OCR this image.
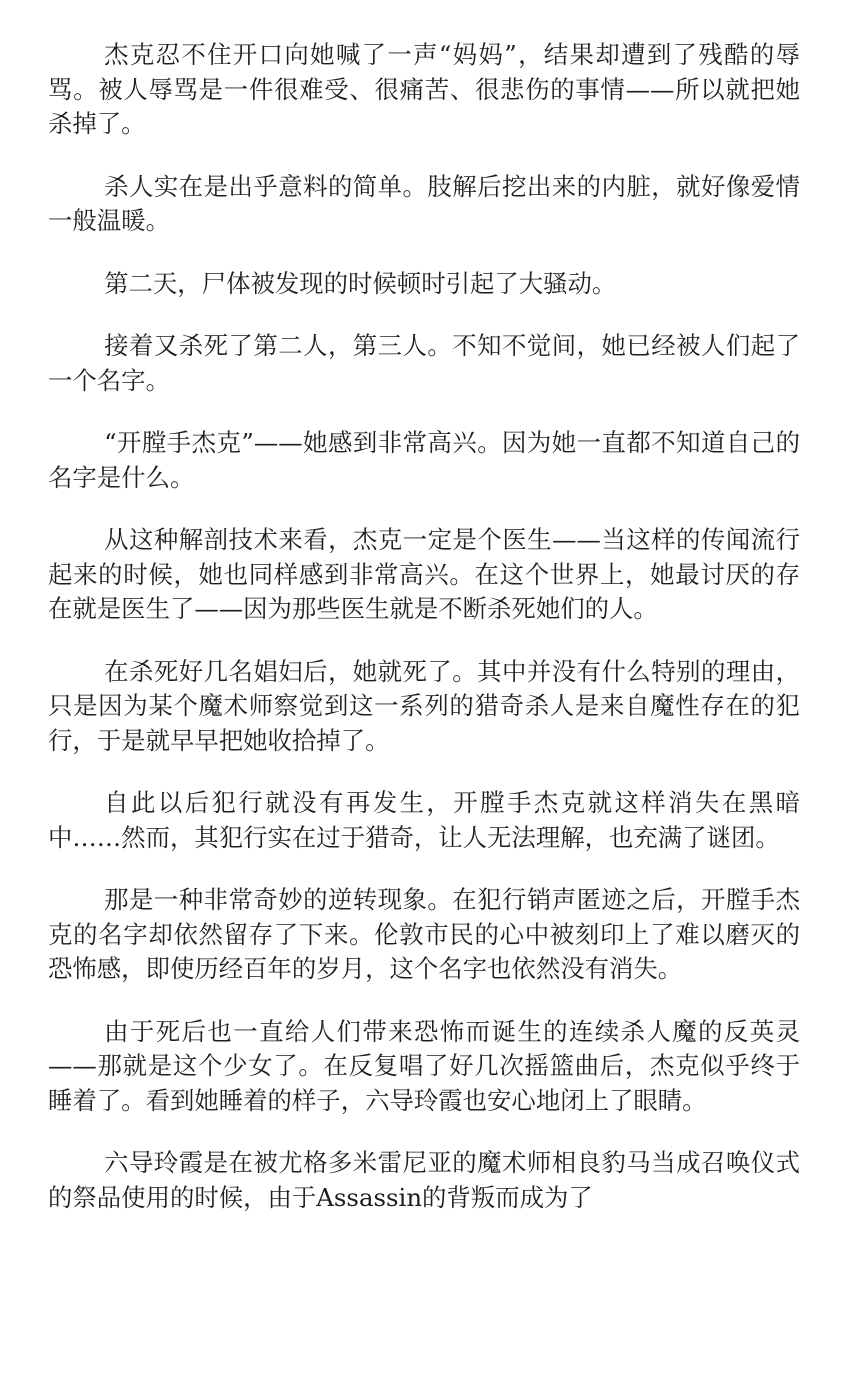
杰克忍不住开口向她喊了一声“妈妈”，结果却遭到了残酷的辱骂。被人辱骂是一件很难受、很痛苦、很悲伤的事情——所以就把她杀掉了。

杀人实在是出乎意料的简单。肢解后挖出来的内脏，就好像爱情一般温暖。

第二天，尸体被发现的时候顿时引起了大骚动。

接着又杀死了第二人，第三人。不知不觉间，她已经被人们起了一个名字。

“开膛手杰克”——她感到非常高兴。因为她一直都不知道自己的名字是什么。

从这种解剖技术来看，杰克一定是个医生——当这样的传闻流行起来的时候，她也同样感到非常高兴。在这个世界上，她最讨厌的存在就是医生了——因为那些医生就是不断杀死她们的人。

在杀死好几名娼妇后，她就死了。其中并没有什么特别的理由，只是因为某个魔术师察觉到这一系列的猎奇杀人是来自魔性存在的犯行，于是就早早把她收拾掉了。

自此以后犯行就没有再发生，开膛手杰克就这样消失在黑暗中……然而，其犯行实在过于猎奇，让人无法理解，也充满了谜团。

那是一种非常奇妙的逆转现象。在犯行销声匿迹之后，开膛手杰克的名字却依然留存了下来。伦敦市民的心中被刻印上了难以磨灭的恐怖感，即使历经百年的岁月，这个名字也依然没有消失。

由于死后也一直给人们带来恐怖而诞生的连续杀人魔的反英灵——那就是这个少女了。在反复唱了好几次摇篮曲后，杰克似乎终于睡着了。看到她睡着的样子，六导玲霞也安心地闭上了眼睛。

六导玲霞是在被尤格多米雷尼亚的魔术师相良豹马当成召唤仪式的祭品使用的时候，由于Assassin的背叛而成为了
